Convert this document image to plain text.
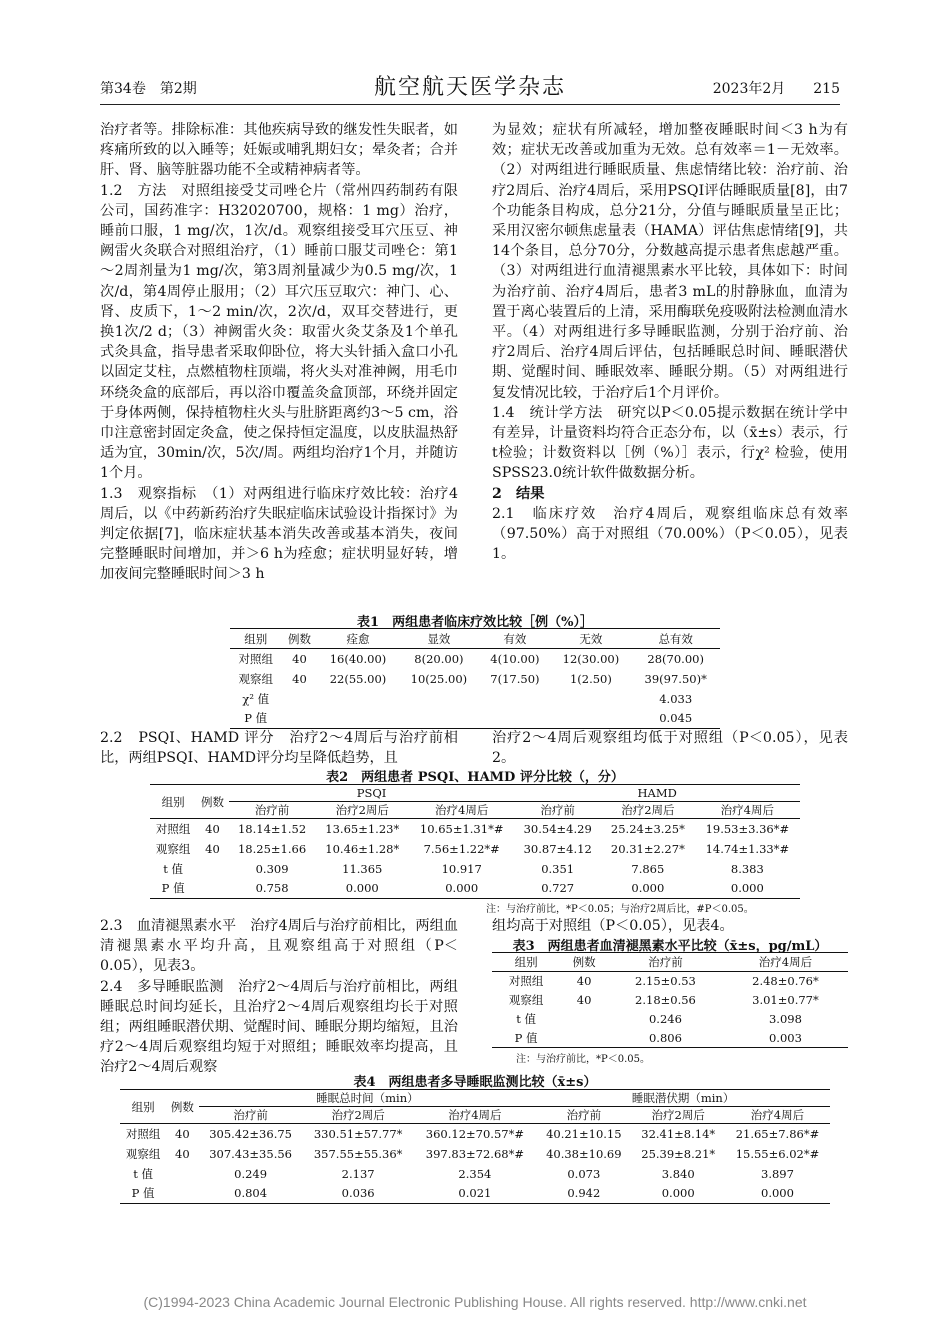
第34卷　第2期	航空航天医学杂志	2023年2月　　 215

治疗者等。排除标准：其他疾病导致的继发性失眠者，如疼痛所致的以入睡等；妊娠或哺乳期妇女；晕灸者；合并肝、肾、脑等脏器功能不全或精神病者等。

1.2　方法　对照组接受艾司唑仑片（常州四药制药有限公司，国药准字：H32020700，规格：1 mg）治疗，睡前口服，1 mg/次，1次/d。观察组接受耳穴压豆、神阙雷火灸联合对照组治疗，（1）睡前口服艾司唑仑：第1～2周剂量为1 mg/次，第3周剂量减少为0.5 mg/次，1次/d，第4周停止服用；（2）耳穴压豆取穴：神门、心、肾、皮质下，1～2 min/次，2次/d，双耳交替进行，更换1次/2 d；（3）神阙雷火灸：取雷火灸艾条及1个单孔式灸具盒，指导患者采取仰卧位，将大头针插入盒口小孔以固定艾柱，点燃植物柱顶端，将火头对准神阙，用毛巾环绕灸盒的底部后，再以浴巾覆盖灸盒顶部，环绕并固定于身体两侧，保持植物柱火头与肚脐距离约3～5 cm，浴巾注意密封固定灸盒，使之保持恒定温度，以皮肤温热舒适为宜，30min/次，5次/周。两组均治疗1个月，并随访1个月。

1.3　观察指标　（1）对两组进行临床疗效比较：治疗4周后，以《中药新药治疗失眠症临床试验设计指探讨》为判定依据[7]，临床症状基本消失改善或基本消失，夜间完整睡眠时间增加，并＞6 h为痊愈；症状明显好转，增加夜间完整睡眠时间＞3 h

为显效；症状有所减轻，增加整夜睡眠时间＜3 h为有效；症状无改善或加重为无效。总有效率＝1－无效率。（2）对两组进行睡眠质量、焦虑情绪比较：治疗前、治疗2周后、治疗4周后，采用PSQI评估睡眠质量[8]，由7个功能条目构成，总分21分，分值与睡眠质量呈正比；采用汉密尔顿焦虑量表（HAMA）评估焦虑情绪[9]，共14个条目，总分70分，分数越高提示患者焦虑越严重。（3）对两组进行血清褪黑素水平比较，具体如下：时间为治疗前、治疗4周后，患者3 mL的肘静脉血，血清为置于离心装置后的上清，采用酶联免疫吸附法检测血清水平。（4）对两组进行多导睡眠监测，分别于治疗前、治疗2周后、治疗4周后评估，包括睡眠总时间、睡眠潜伏期、觉醒时间、睡眠效率、睡眠分期。（5）对两组进行复发情况比较，于治疗后1个月评价。

1.4　统计学方法　研究以P＜0.05提示数据在统计学中有差异，计量资料均符合正态分布，以（x̄±s）表示，行t检验；计数资料以［例（%）］表示，行χ² 检验，使用SPSS23.0统计软件做数据分析。

2　结果

2.1　临床疗效　治疗4周后，观察组临床总有效率（97.50%）高于对照组（70.00%）（P＜0.05），见表1。

表1　两组患者临床疗效比较［例（%）］
组别	例数	痊愈	显效	有效	无效	总有效
对照组	40	16(40.00)	8(20.00)	4(10.00)	12(30.00)	28(70.00)
观察组	40	22(55.00)	10(25.00)	7(17.50)	1(2.50)	39(97.50)*
χ² 值						4.033
P 值						0.045
2.2　PSQI、HAMD 评分　治疗2～4周后与治疗前相比，两组PSQI、HAMD评分均呈降低趋势，且
治疗2～4周后观察组均低于对照组（P＜0.05），见表2。
表2　两组患者 PSQI、HAMD 评分比较（，分）
组别	例数	PSQI			HAMD		
		治疗前	治疗2周后	治疗4周后	治疗前	治疗2周后	治疗4周后
对照组	40	18.14±1.52	13.65±1.23*	10.65±1.31*#	30.54±4.29	25.24±3.25*	19.53±3.36*#
观察组	40	18.25±1.66	10.46±1.28*	7.56±1.22*#	30.87±4.12	20.31±2.27*	14.74±1.33*#
t 值		0.309	11.365	10.917	0.351	7.865	8.383
P 值		0.758	0.000	0.000	0.727	0.000	0.000
注：与治疗前比，*P＜0.05；与治疗2周后比，#P＜0.05。

2.3　血清褪黑素水平　治疗4周后与治疗前相比，两组血清褪黑素水平均升高，且观察组高于对照组（P＜0.05），见表3。

2.4　多导睡眠监测　治疗2～4周后与治疗前相比，两组睡眠总时间均延长，且治疗2～4周后观察组均长于对照组；两组睡眠潜伏期、觉醒时间、睡眠分期均缩短，且治疗2～4周后观察组均短于对照组；睡眠效率均提高，且治疗2～4周后观察

组均高于对照组（P＜0.05），见表4。
表3　两组患者血清褪黑素水平比较（x̄±s，pg/mL）
组别	例数	治疗前	治疗4周后
对照组	40	2.15±0.53	2.48±0.76*
观察组	40	2.18±0.56	3.01±0.77*
t 值		0.246	3.098
P 值		0.806	0.003
注：与治疗前比，*P＜0.05。
表4　两组患者多导睡眠监测比较（x̄±s）
组别	例数	睡眠总时间（min）			睡眠潜伏期（min）		
		治疗前	治疗2周后	治疗4周后	治疗前	治疗2周后	治疗4周后
对照组	40	305.42±36.75	330.51±57.77*	360.12±70.57*#	40.21±10.15	32.41±8.14*	21.65±7.86*#
观察组	40	307.43±35.56	357.55±55.36*	397.83±72.68*#	40.38±10.69	25.39±8.21*	15.55±6.02*#
t 值		0.249	2.137	2.354	0.073	3.840	3.897
P 值		0.804	0.036	0.021	0.942	0.000	0.000
(C)1994-2023 China Academic Journal Electronic Publishing House. All rights reserved. http://www.cnki.net
